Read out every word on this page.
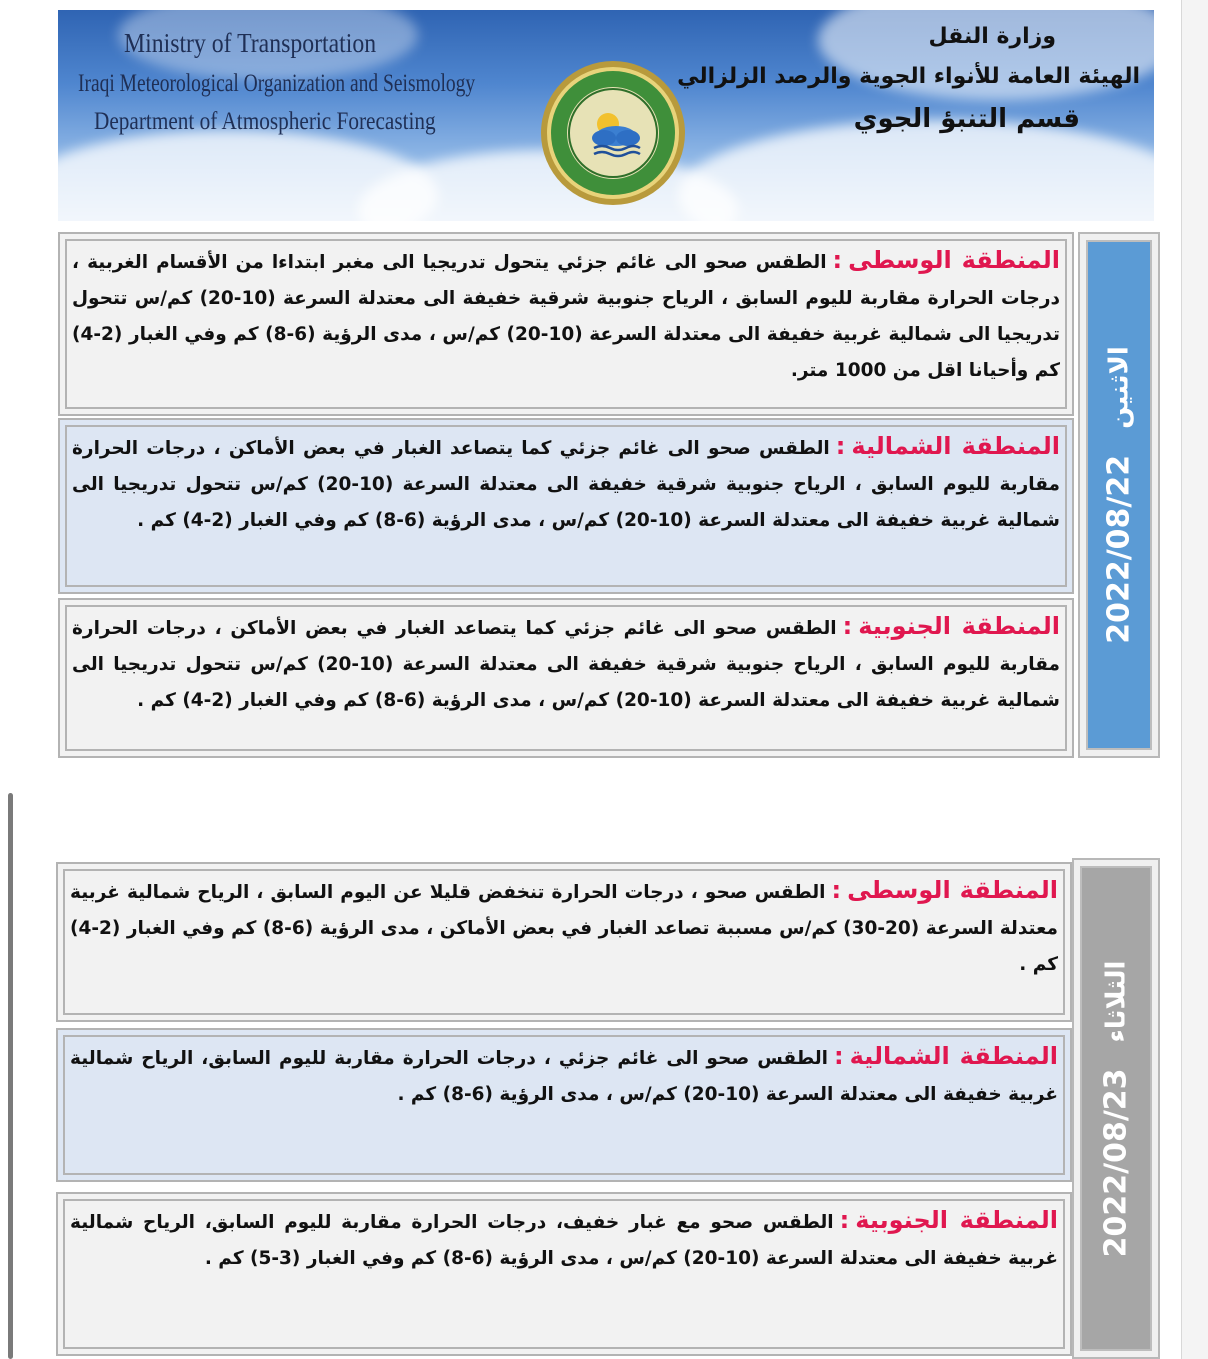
Ministry of Transportation
Iraqi Meteorological Organization and Seismology
Department of Atmospheric Forecasting
وزارة النقل
الهيئة العامة للأنواء الجوية والرصد الزلزالي
قسم التنبؤ الجوي
2022/08/22
الاثنين

المنطقة الوسطى:الطقس صحو الى غائم جزئي يتحول تدريجيا الى مغبر ابتداءا من الأقسام الغربية ، درجات الحرارة مقاربة لليوم السابق ، الرياح جنوبية شرقية خفيفة الى معتدلة السرعة (10-20) كم/س تتحول تدريجيا الى شمالية غربية خفيفة الى معتدلة السرعة (10-20) كم/س ، مدى الرؤية (6-8) كم وفي الغبار (2-4) كم وأحيانا اقل من 1000 متر.

المنطقة الشمالية:الطقس صحو الى غائم جزئي كما يتصاعد الغبار في بعض الأماكن ، درجات الحرارة مقاربة لليوم السابق ، الرياح جنوبية شرقية خفيفة الى معتدلة السرعة (10-20) كم/س تتحول تدريجيا الى شمالية غربية خفيفة الى معتدلة السرعة (10-20) كم/س ، مدى الرؤية (6-8) كم وفي الغبار (2-4) كم .

المنطقة الجنوبية:الطقس صحو الى غائم جزئي كما يتصاعد الغبار في بعض الأماكن ، درجات الحرارة مقاربة لليوم السابق ، الرياح جنوبية شرقية خفيفة الى معتدلة السرعة (10-20) كم/س تتحول تدريجيا الى شمالية غربية خفيفة الى معتدلة السرعة (10-20) كم/س ، مدى الرؤية (6-8) كم وفي الغبار (2-4) كم .

2022/08/23
الثلاثاء

المنطقة الوسطى:الطقس صحو ، درجات الحرارة تنخفض قليلا عن اليوم السابق ، الرياح شمالية غربية معتدلة السرعة (20-30) كم/س مسببة تصاعد الغبار في بعض الأماكن ، مدى الرؤية (6-8) كم وفي الغبار (2-4) كم .

المنطقة الشمالية:الطقس صحو الى غائم جزئي ، درجات الحرارة مقاربة لليوم السابق، الرياح شمالية غربية خفيفة الى معتدلة السرعة (10-20) كم/س ، مدى الرؤية (6-8) كم .

المنطقة الجنوبية:الطقس صحو مع غبار خفيف، درجات الحرارة مقاربة لليوم السابق، الرياح شمالية غربية خفيفة الى معتدلة السرعة (10-20) كم/س ، مدى الرؤية (6-8) كم وفي الغبار (3-5) كم .
